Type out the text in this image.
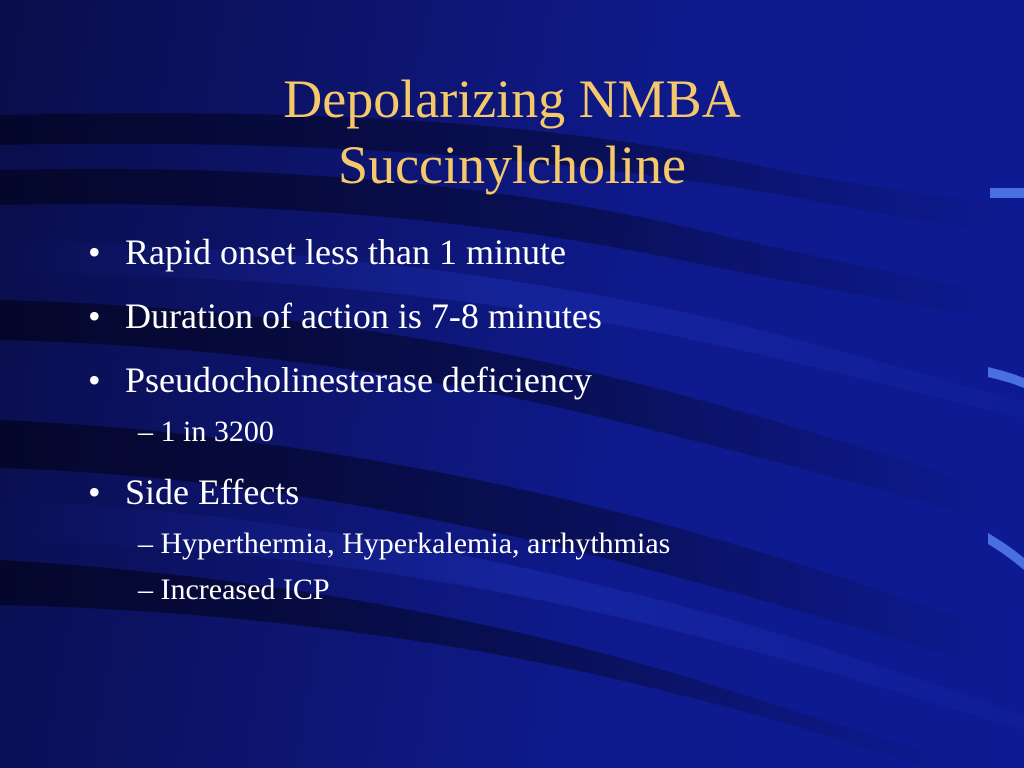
Depolarizing NMBA
Succinylcholine
• Rapid onset less than 1 minute
• Duration of action is 7-8 minutes
• Pseudocholinesterase deficiency
– 1 in 3200
• Side Effects
– Hyperthermia, Hyperkalemia, arrhythmias
– Increased ICP
